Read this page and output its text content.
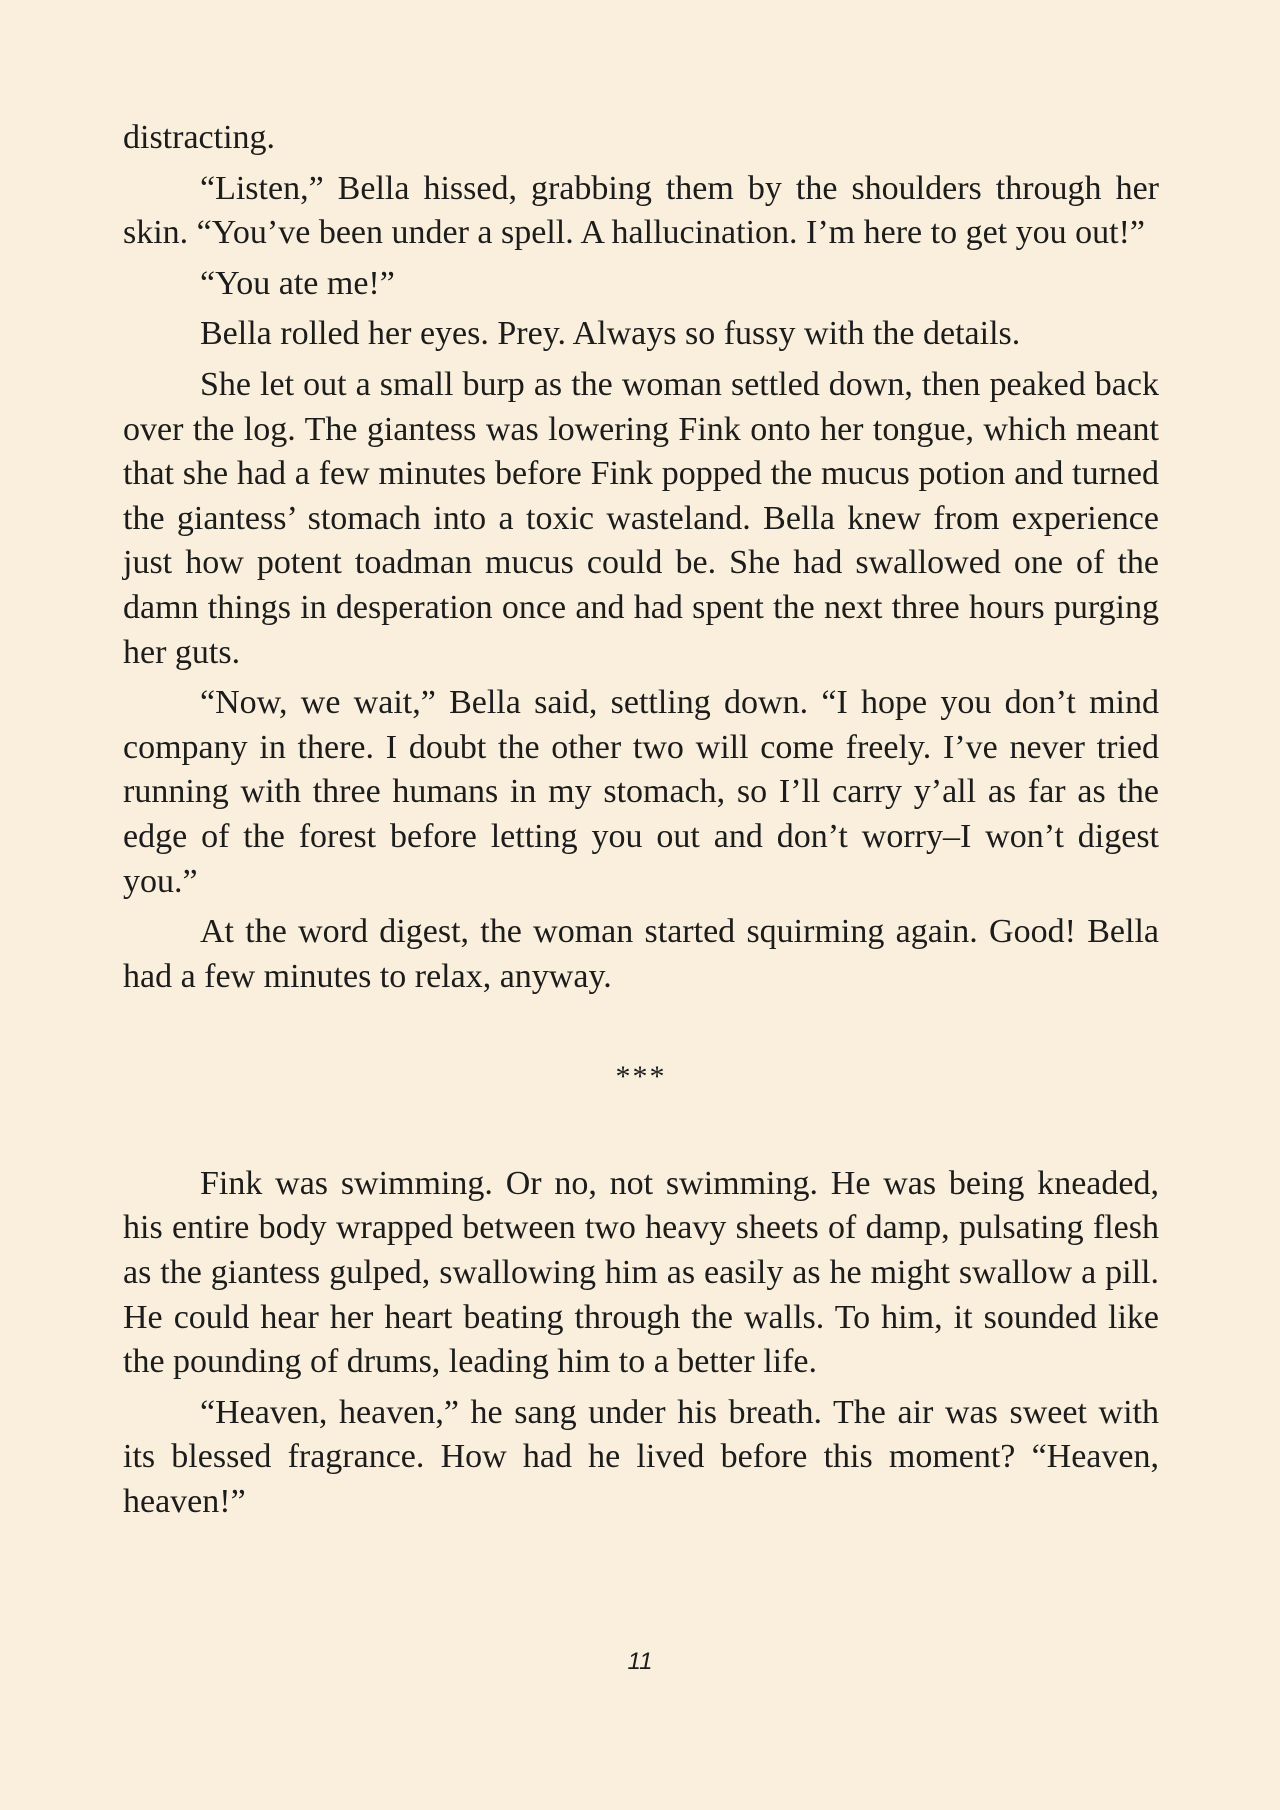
distracting.

“Listen,” Bella hissed, grabbing them by the shoulders through her skin. “You’ve been under a spell. A hallucination. I’m here to get you out!”

“You ate me!”

Bella rolled her eyes. Prey. Always so fussy with the details.

She let out a small burp as the woman settled down, then peaked back over the log. The giantess was lowering Fink onto her tongue, which meant that she had a few minutes before Fink popped the mucus potion and turned the giantess’ stomach into a toxic wasteland. Bella knew from experience just how potent toadman mucus could be. She had swallowed one of the damn things in desperation once and had spent the next three hours purging her guts.

“Now, we wait,” Bella said, settling down. “I hope you don’t mind company in there. I doubt the other two will come freely. I’ve never tried running with three humans in my stomach, so I’ll carry y’all as far as the edge of the forest before letting you out and don’t worry–I won’t digest you.”

At the word digest, the woman started squirming again. Good! Bella had a few minutes to relax, anyway.

***

Fink was swimming. Or no, not swimming. He was being kneaded, his entire body wrapped between two heavy sheets of damp, pulsating flesh as the giantess gulped, swallowing him as easily as he might swallow a pill. He could hear her heart beating through the walls. To him, it sounded like the pounding of drums, leading him to a better life.

“Heaven, heaven,” he sang under his breath. The air was sweet with its blessed fragrance. How had he lived before this moment? “Heaven, heaven!”

11
